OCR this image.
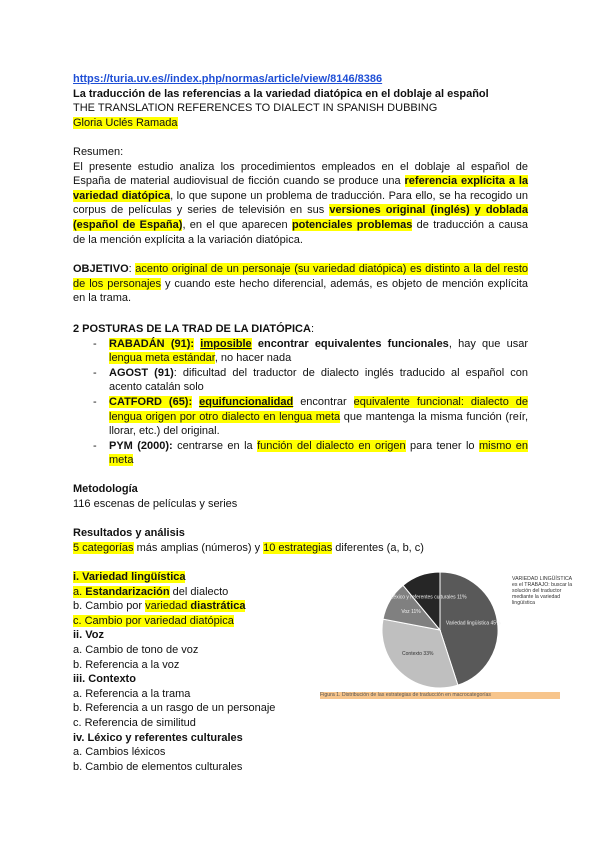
https://turia.uv.es//index.php/normas/article/view/8146/8386
La traducción de las referencias a la variedad diatópica en el doblaje al español
THE TRANSLATION REFERENCES TO DIALECT IN SPANISH DUBBING
Gloria Uclés Ramada
Resumen:
El presente estudio analiza los procedimientos empleados en el doblaje al español de España de material audiovisual de ficción cuando se produce una referencia explícita a la variedad diatópica, lo que supone un problema de traducción. Para ello, se ha recogido un corpus de películas y series de televisión en sus versiones original (inglés) y doblada (español de España), en el que aparecen potenciales problemas de traducción a causa de la mención explícita a la variación diatópica.
OBJETIVO: acento original de un personaje (su variedad diatópica) es distinto a la del resto de los personajes y cuando este hecho diferencial, además, es objeto de mención explícita en la trama.
2 POSTURAS DE LA TRAD DE LA DIATÓPICA:
- RABADÁN (91): imposible encontrar equivalentes funcionales, hay que usar lengua meta estándar, no hacer nada
- AGOST (91): dificultad del traductor de dialecto inglés traducido al español con acento catalán solo
- CATFORD (65): equifuncionalidad encontrar equivalente funcional: dialecto de lengua origen por otro dialecto en lengua meta que mantenga la misma función (reír, llorar, etc.) del original.
- PYM (2000): centrarse en la función del dialecto en origen para tener lo mismo en meta
Metodología
116 escenas de películas y series
Resultados y análisis
5 categorías más amplias (números) y 10 estrategias diferentes (a, b, c)
i. Variedad lingüística
a. Estandarización del dialecto
b. Cambio por variedad diastrática
c. Cambio por variedad diatópica
ii. Voz
a. Cambio de tono de voz
b. Referencia a la voz
iii. Contexto
a. Referencia a la trama
b. Referencia a un rasgo de un personaje
c. Referencia de similitud
iv. Léxico y referentes culturales
a. Cambios léxicos
b. Cambio de elementos culturales
Variedad lingüística 45%
Contexto 33%
Voz 11%
Léxico y referentes culturales 11%
VARIEDAD LINGÜÍSTICA es el TRABAJO: buscar la solución del traductor mediante la variedad lingüística
Figura 1. Distribución de las estrategias de traducción en macrocategorías
